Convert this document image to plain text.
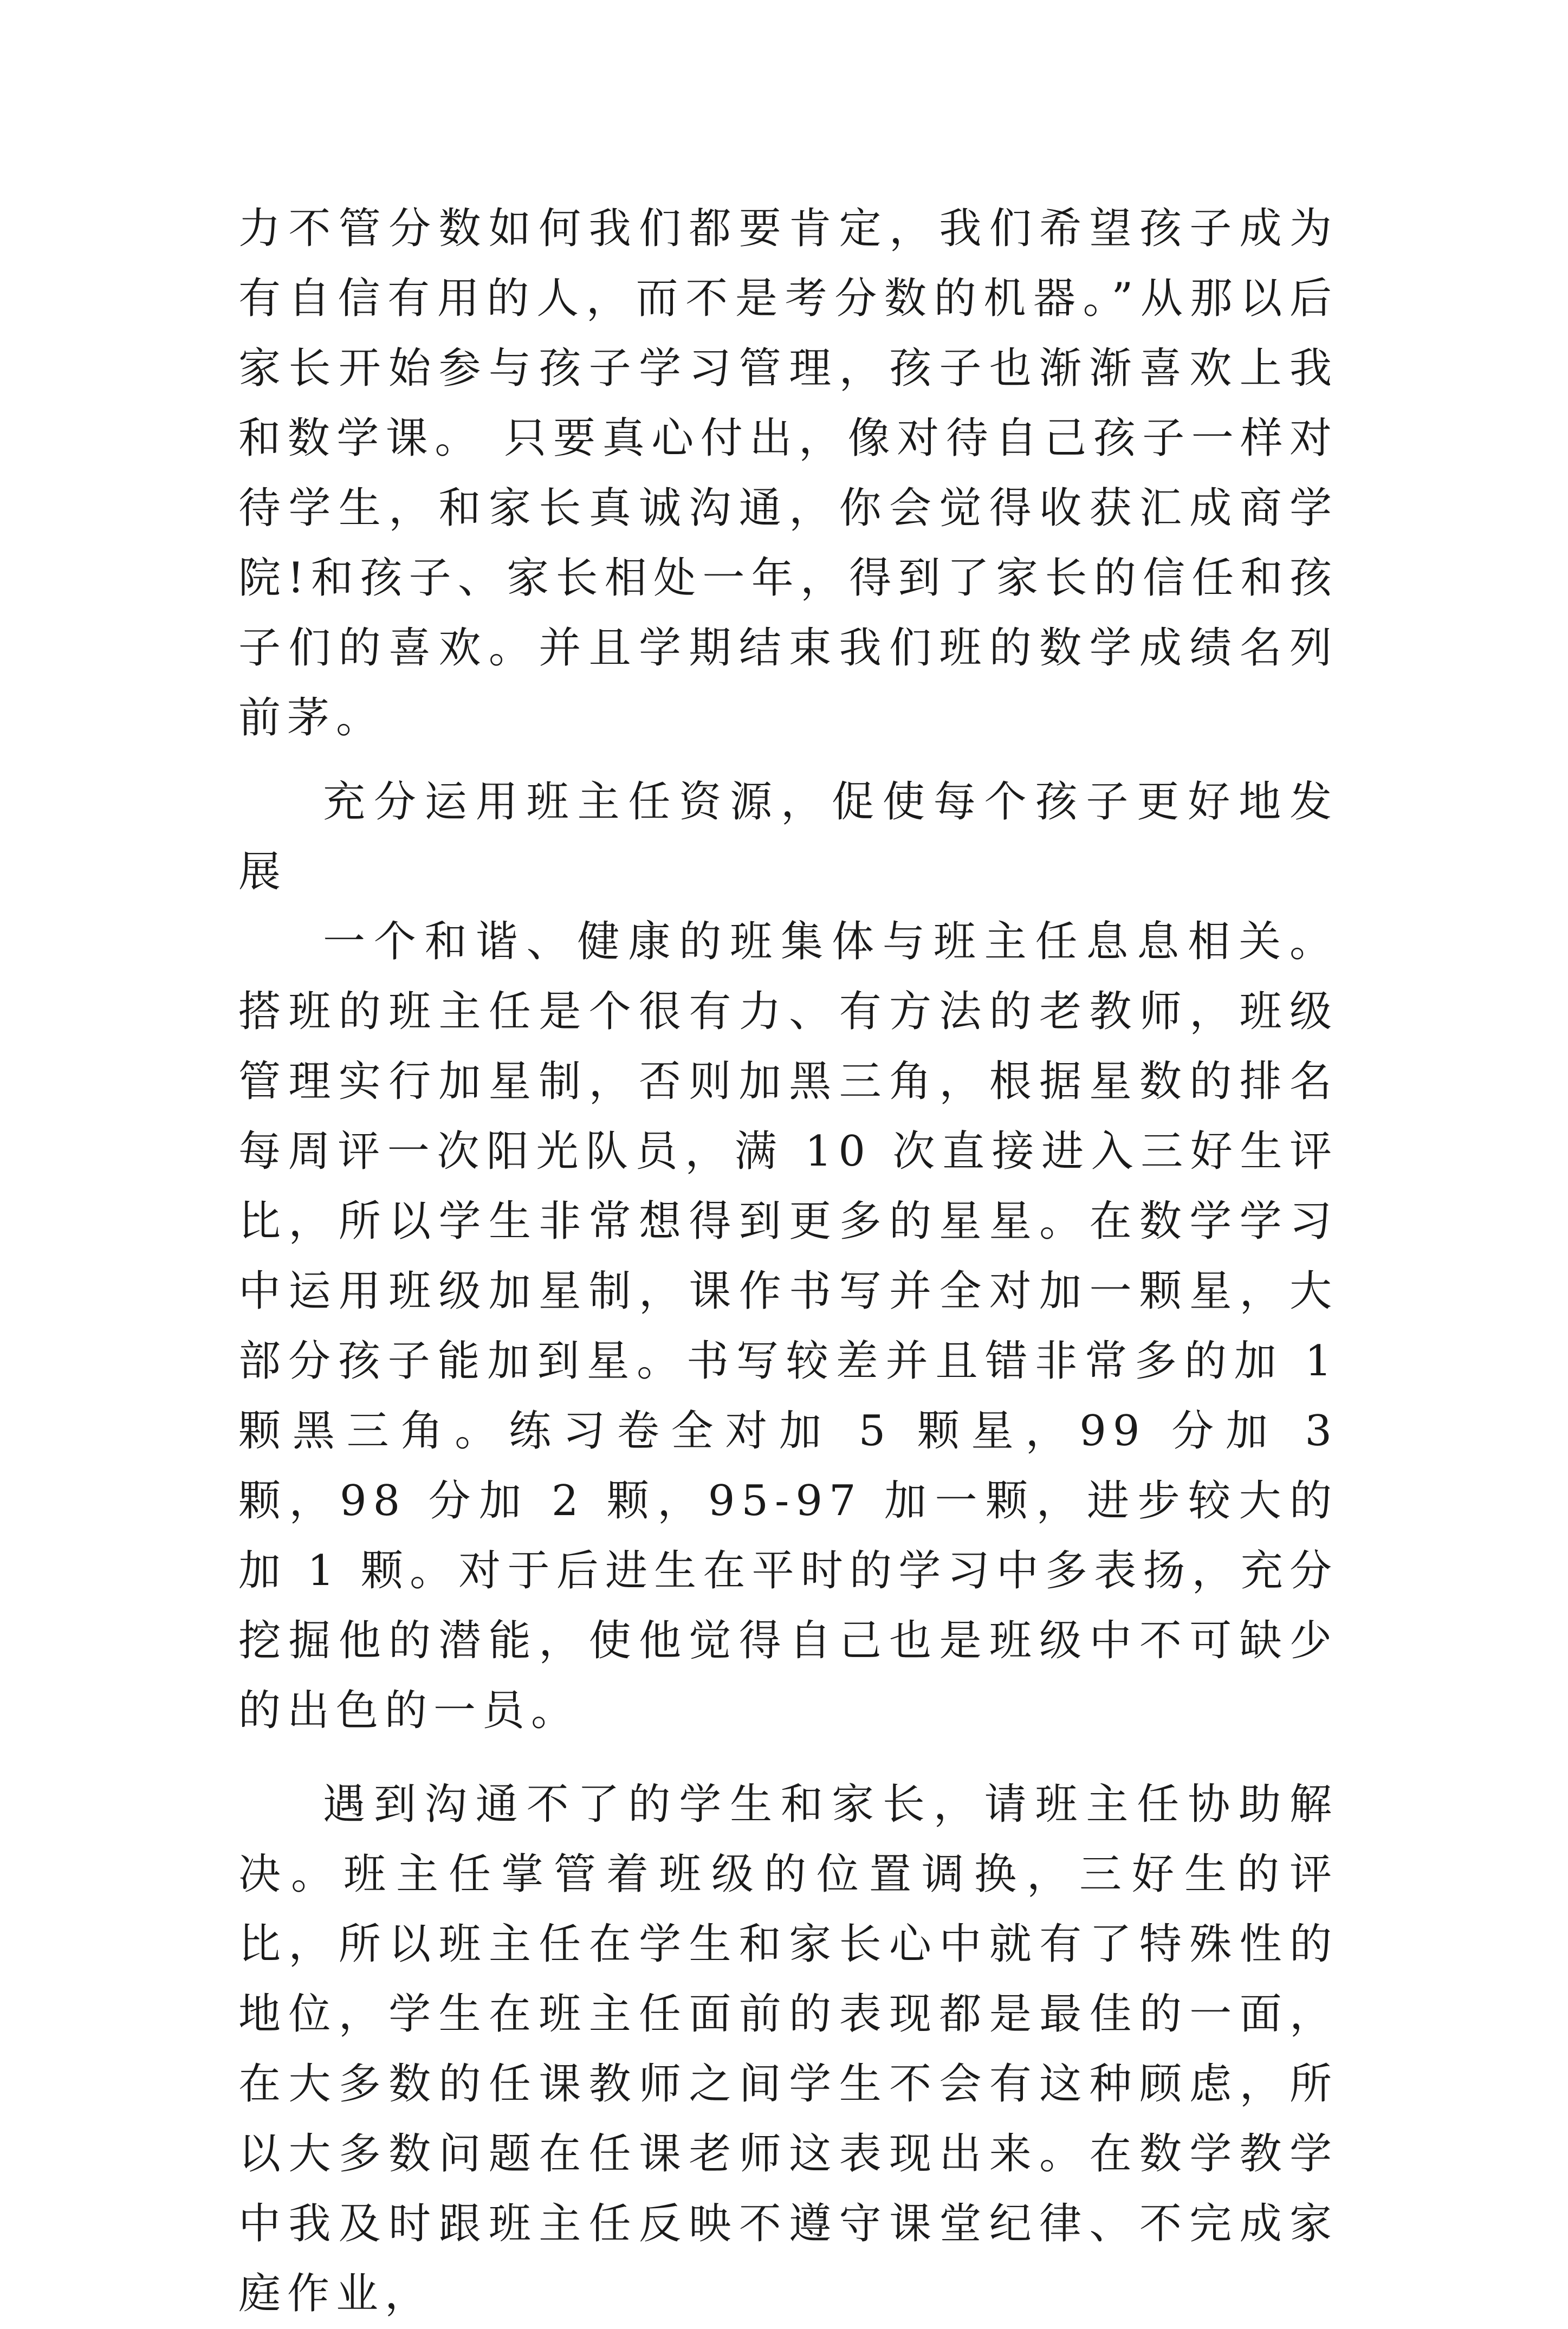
力不管分数如何我们都要肯定，我们希望孩子成为有自信有用的人，而不是考分数的机器。”从那以后家长开始参与孩子学习管理，孩子也渐渐喜欢上我和数学课。 只要真心付出，像对待自己孩子一样对待学生，和家长真诚沟通，你会觉得收获汇成商学院!和孩子、家长相处一年，得到了家长的信任和孩子们的喜欢。并且学期结束我们班的数学成绩名列前茅。

充分运用班主任资源，促使每个孩子更好地发展

一个和谐、健康的班集体与班主任息息相关。搭班的班主任是个很有力、有方法的老教师，班级管理实行加星制，否则加黑三角，根据星数的排名每周评一次阳光队员，满 10 次直接进入三好生评比，所以学生非常想得到更多的星星。在数学学习中运用班级加星制，课作书写并全对加一颗星，大部分孩子能加到星。书写较差并且错非常多的加 1 颗黑三角。练习卷全对加 5 颗星，99 分加 3 颗，98 分加 2 颗，95-97 加一颗，进步较大的加 1 颗。对于后进生在平时的学习中多表扬，充分挖掘他的潜能，使他觉得自己也是班级中不可缺少的出色的一员。

遇到沟通不了的学生和家长，请班主任协助解决。班主任掌管着班级的位置调换，三好生的评比，所以班主任在学生和家长心中就有了特殊性的地位，学生在班主任面前的表现都是最佳的一面，在大多数的任课教师之间学生不会有这种顾虑，所以大多数问题在任课老师这表现出来。在数学教学中我及时跟班主任反映不遵守课堂纪律、不完成家庭作业，
